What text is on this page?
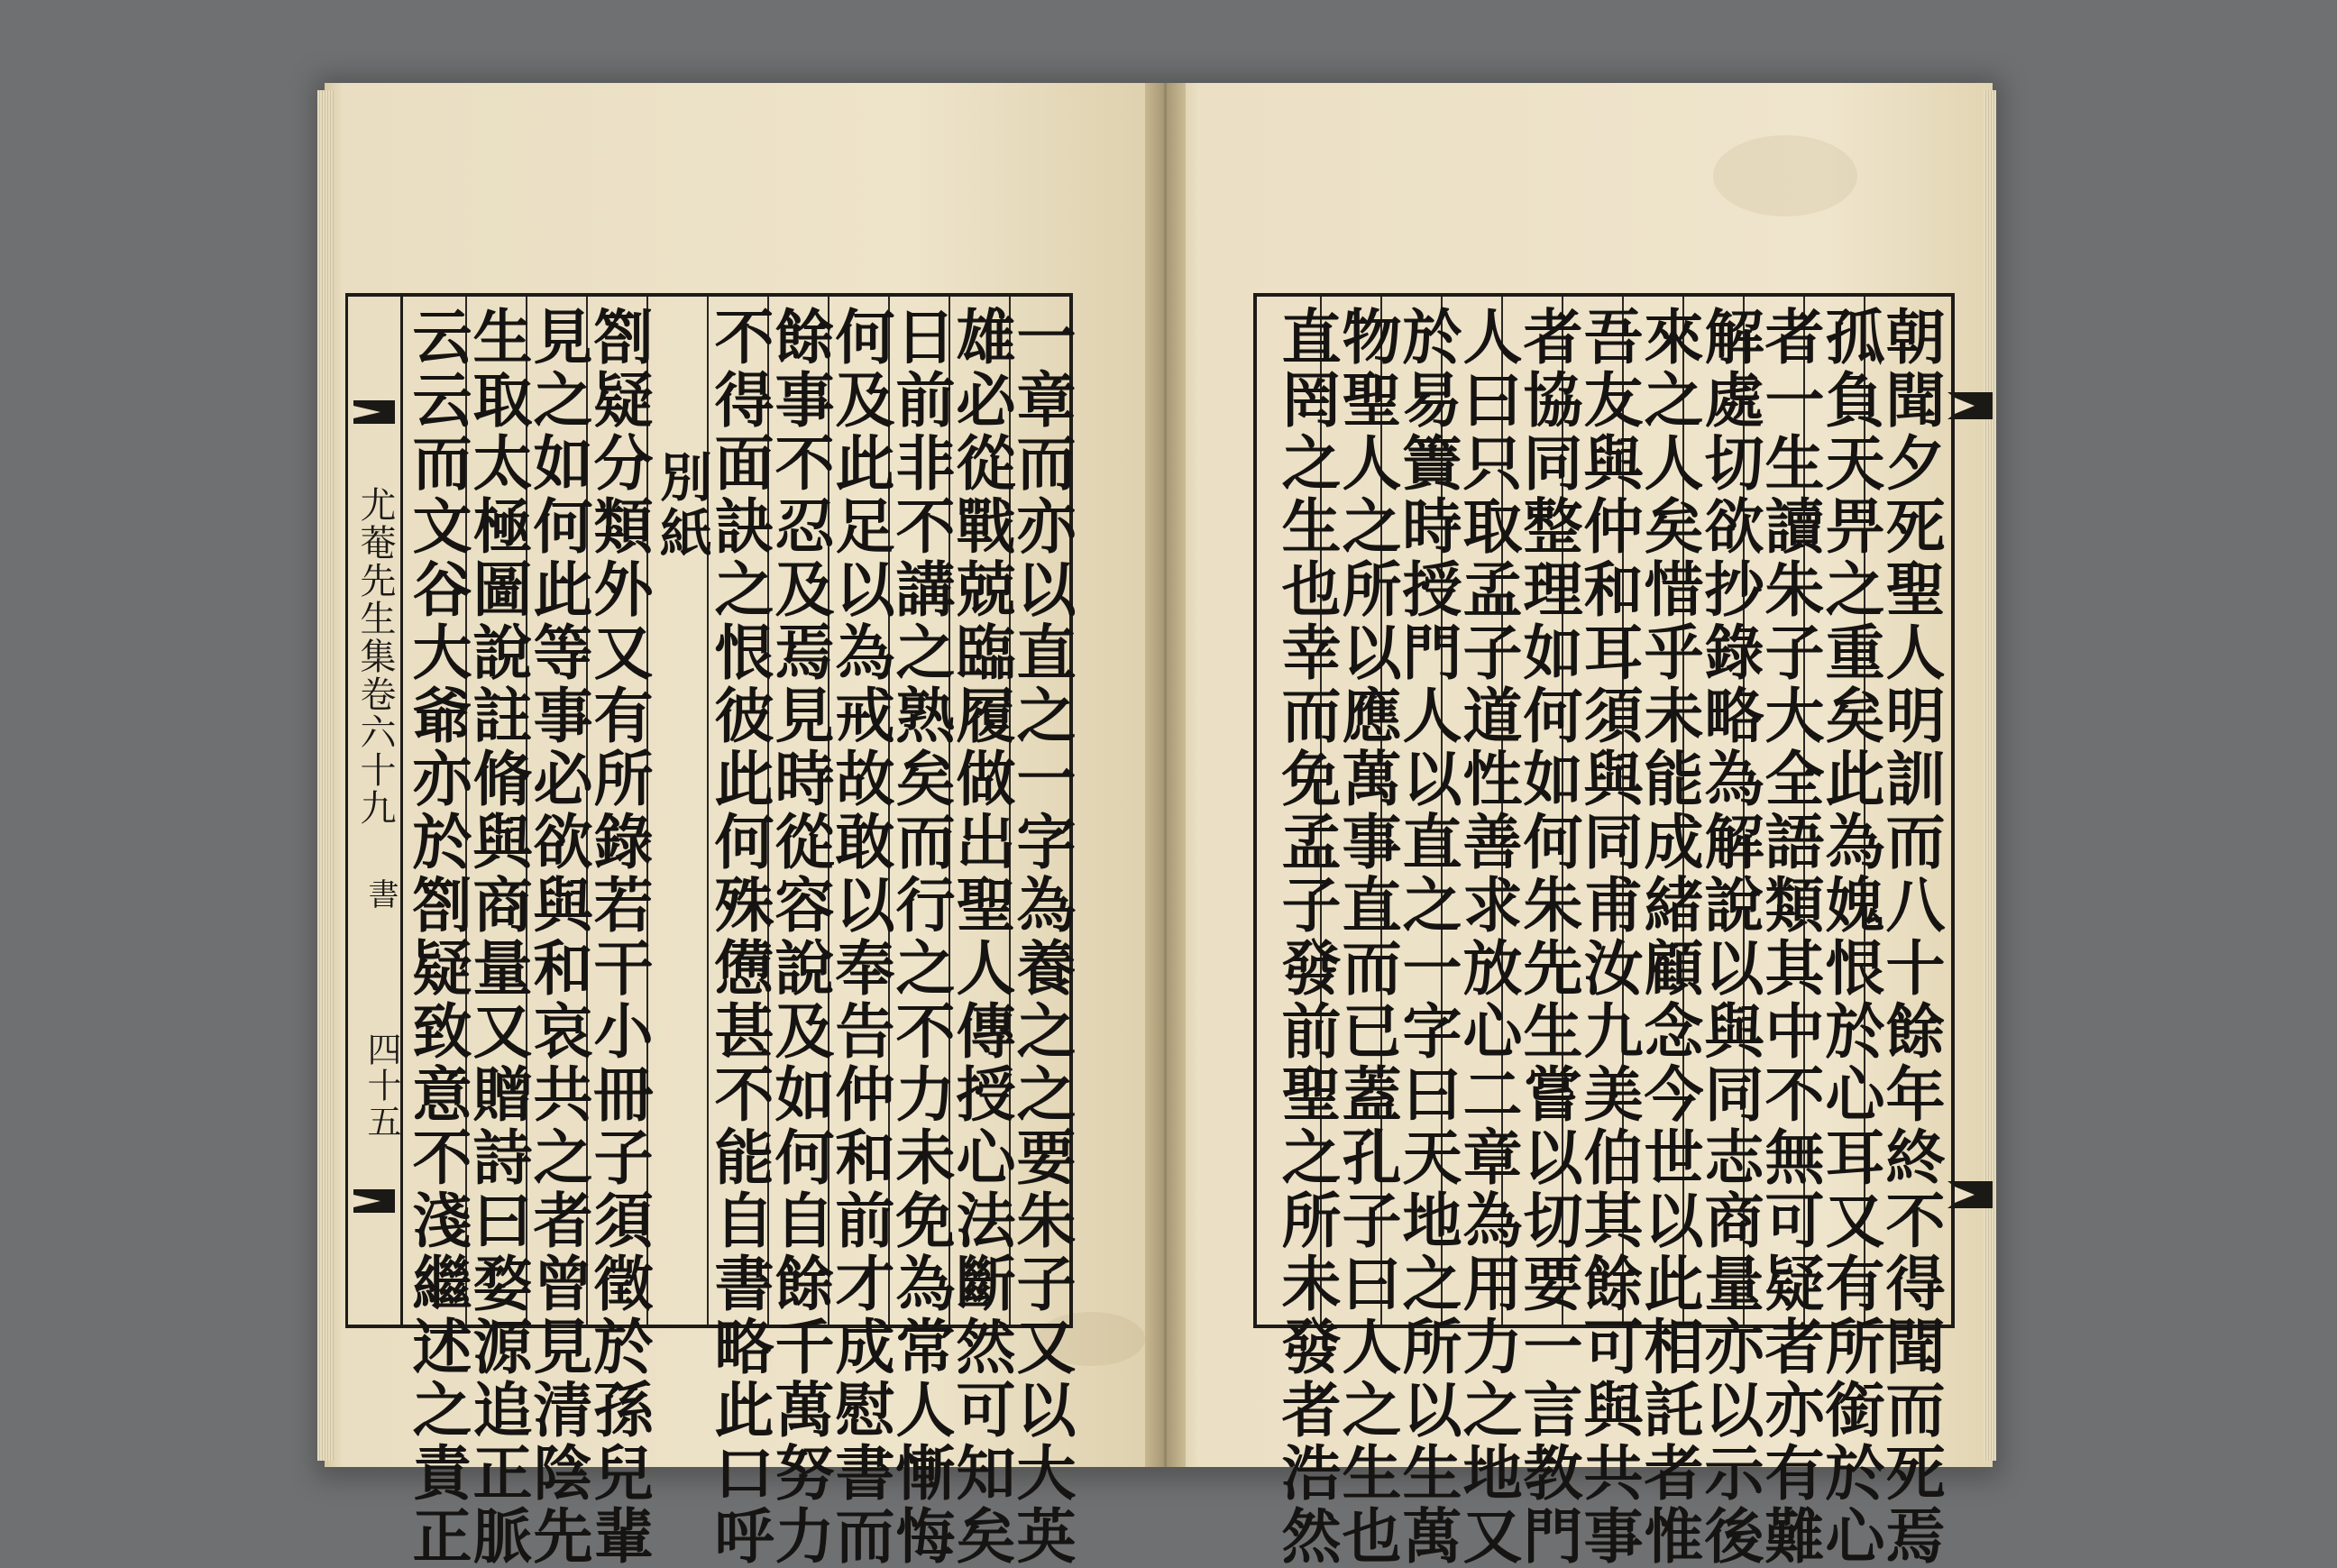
尤菴先生集卷六十九
書
四十五	一章而亦以直之一字為養之之要朱子又以大英
雄必從戰兢臨履做出聖人傳授心法斷然可知矣
日前非不講之熟矣而行之不力未免為常人慚悔
何及此足以為戒故敢以奉告仲和前才成慰書而
餘事不忍及焉見時從容說及如何自餘千萬努力
不得面訣之恨彼此何殊憊甚不能自書略此口呼
別紙
劄疑分類外又有所錄若干小冊子須徵於孫兒輩
見之如何此等事必欲與和哀共之者曾見清陰先
生取太極圖說註脩與商量又贈詩曰婺源追正脈
云云而文谷大爺亦於劄疑致意不淺繼述之責正	朝聞夕死聖人明訓而八十餘年終不得聞而死焉
孤負天畀之重矣此為媿恨於心耳又有所銜於心
者一生讀朱子大全語類其中不無可疑者亦有難
解處切欲抄錄略為解說以與同志商量亦以示後
來之人矣惜乎未能成緒顧念今世以此相託者惟
吾友與仲和耳須與同甫汝九美伯其餘可與共事
者協同整理如何如何朱先生嘗以切要一言教門
人曰只取孟子道性善求放心二章為用力之地又
於易簀時授門人以直之一字曰天地之所以生萬
物聖人之所以應萬事直而已蓋孔子曰人之生也
直罔之生也幸而免孟子發前聖之所未發者浩然
